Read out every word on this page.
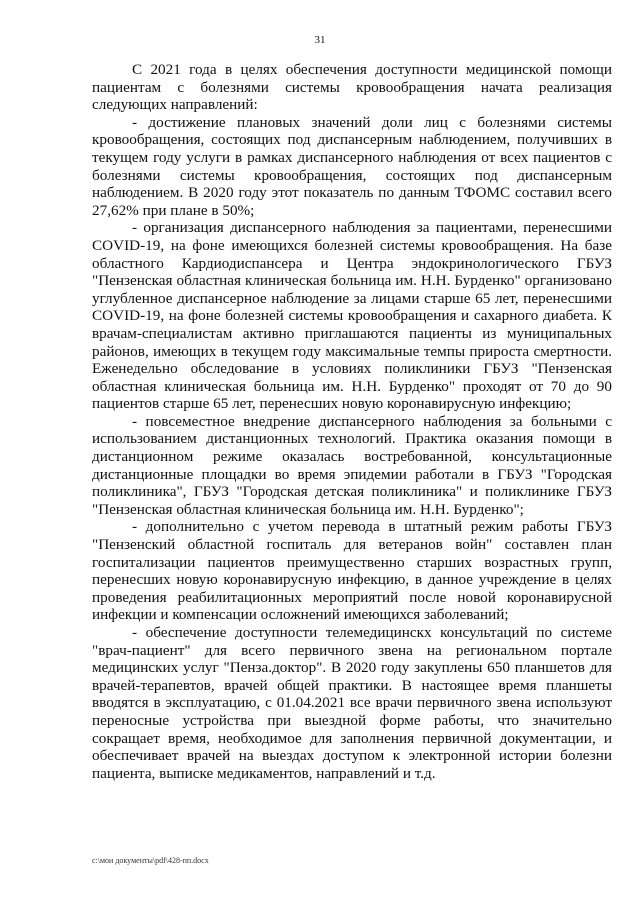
31

С 2021 года в целях обеспечения доступности медицинской помощи пациентам с болезнями системы кровообращения начата реализация следующих направлений:

- достижение плановых значений доли лиц с болезнями системы кровообращения, состоящих под диспансерным наблюдением, получивших в текущем году услуги в рамках диспансерного наблюдения от всех пациентов с болезнями системы кровообращения, состоящих под диспансерным наблюдением. В 2020 году этот показатель по данным ТФОМС составил всего 27,62% при плане в 50%;

- организация диспансерного наблюдения за пациентами, перенесшими COVID-19, на фоне имеющихся болезней системы кровообращения. На базе областного Кардиодиспансера и Центра эндокринологического ГБУЗ "Пензенская областная клиническая больница им. Н.Н. Бурденко" организовано углубленное диспансерное наблюдение за лицами старше 65 лет, перенесшими COVID-19, на фоне болезней системы кровообращения и сахарного диабета. К врачам-специалистам активно приглашаются пациенты из муниципальных районов, имеющих в текущем году максимальные темпы прироста смертности. Еженедельно обследование в условиях поликлиники ГБУЗ "Пензенская областная клиническая больница им. Н.Н. Бурденко" проходят от 70 до 90 пациентов старше 65 лет, перенесших новую коронавирусную инфекцию;

- повсеместное внедрение диспансерного наблюдения за больными с использованием дистанционных технологий. Практика оказания помощи в дистанционном режиме оказалась востребованной, консультационные дистанционные площадки во время эпидемии работали в ГБУЗ "Городская поликлиника", ГБУЗ "Городская детская поликлиника" и поликлинике ГБУЗ "Пензенская областная клиническая больница им. Н.Н. Бурденко";

- дополнительно с учетом перевода в штатный режим работы ГБУЗ "Пензенский областной госпиталь для ветеранов войн" составлен план госпитализации пациентов преимущественно старших возрастных групп, перенесших новую коронавирусную инфекцию, в данное учреждение в целях проведения реабилитационных мероприятий после новой коронавирусной инфекции и компенсации осложнений имеющихся заболеваний;

- обеспечение доступности телемедицинскх консультаций по системе "врач-пациент" для всего первичного звена на региональном портале медицинских услуг "Пенза.доктор". В 2020 году закуплены 650 планшетов для врачей-терапевтов, врачей общей практики. В настоящее время планшеты вводятся в эксплуатацию, с 01.04.2021 все врачи первичного звена используют переносные устройства при выездной форме работы, что значительно сокращает время, необходимое для заполнения первичной документации, и обеспечивает врачей на выездах доступом к электронной истории болезни пациента, выписке медикаментов, направлений и т.д.

c:\мои документы\pdf\428-пп.docx
